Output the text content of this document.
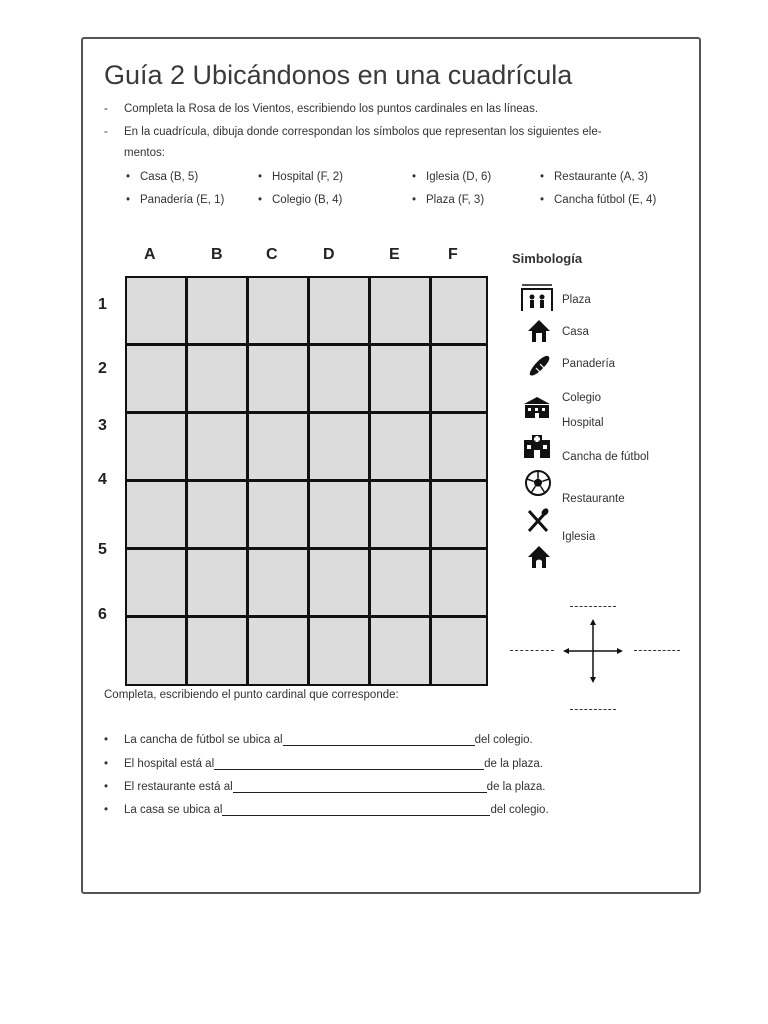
Guía 2 Ubicándonos en una cuadrícula
- Completa la Rosa de los Vientos, escribiendo los puntos cardinales en las líneas.
- En la cuadrícula, dibuja donde correspondan los símbolos que representan los siguientes ele-
mentos:
• Casa (B, 5)	• Hospital (F, 2)	• Iglesia (D, 6)	• Restaurante (A, 3)
• Panadería (E, 1)	• Colegio (B, 4)	• Plaza (F, 3)	• Cancha fútbol (E, 4)
A	B	C	D	E	F
1
2
3
4
5
6
Simbología
Plaza
Casa
Panadería
Colegio
Hospital
Cancha de fútbol
Restaurante
Iglesia
Completa, escribiendo el punto cardinal que corresponde:
• La cancha de fútbol se ubica al	del colegio.
• El hospital está al	de la plaza.
• El restaurante está al	de la plaza.
• La casa se ubica al	del colegio.
